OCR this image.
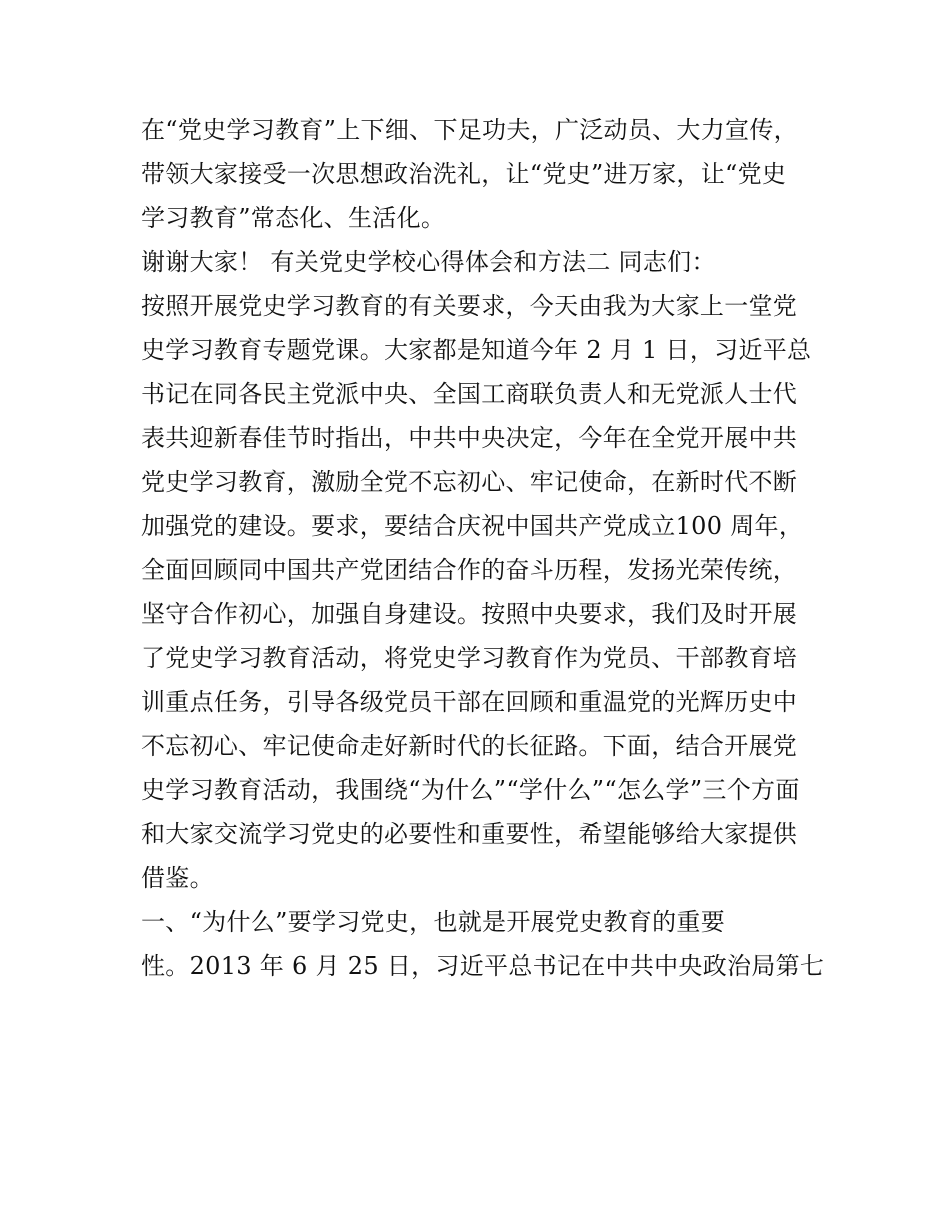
在“党史学习教育”上下细、下足功夫，广泛动员、大力宣传，
带领大家接受一次思想政治洗礼，让“党史”进万家，让“党史
学习教育”常态化、生活化。
谢谢大家！ 有关党史学校心得体会和方法二 同志们：
按照开展党史学习教育的有关要求，今天由我为大家上一堂党
史学习教育专题党课。大家都是知道今年 2 月 1 日，习近平总
书记在同各民主党派中央、全国工商联负责人和无党派人士代
表共迎新春佳节时指出，中共中央决定，今年在全党开展中共
党史学习教育，激励全党不忘初心、牢记使命，在新时代不断
加强党的建设。要求，要结合庆祝中国共产党成立100 周年，
全面回顾同中国共产党团结合作的奋斗历程，发扬光荣传统，
坚守合作初心，加强自身建设。按照中央要求，我们及时开展
了党史学习教育活动，将党史学习教育作为党员、干部教育培
训重点任务，引导各级党员干部在回顾和重温党的光辉历史中
不忘初心、牢记使命走好新时代的长征路。下面，结合开展党
史学习教育活动，我围绕“为什么”“学什么”“怎么学”三个方面
和大家交流学习党史的必要性和重要性，希望能够给大家提供
借鉴。
一、“为什么”要学习党史，也就是开展党史教育的重要
性。2013 年 6 月 25 日，习近平总书记在中共中央政治局第七
